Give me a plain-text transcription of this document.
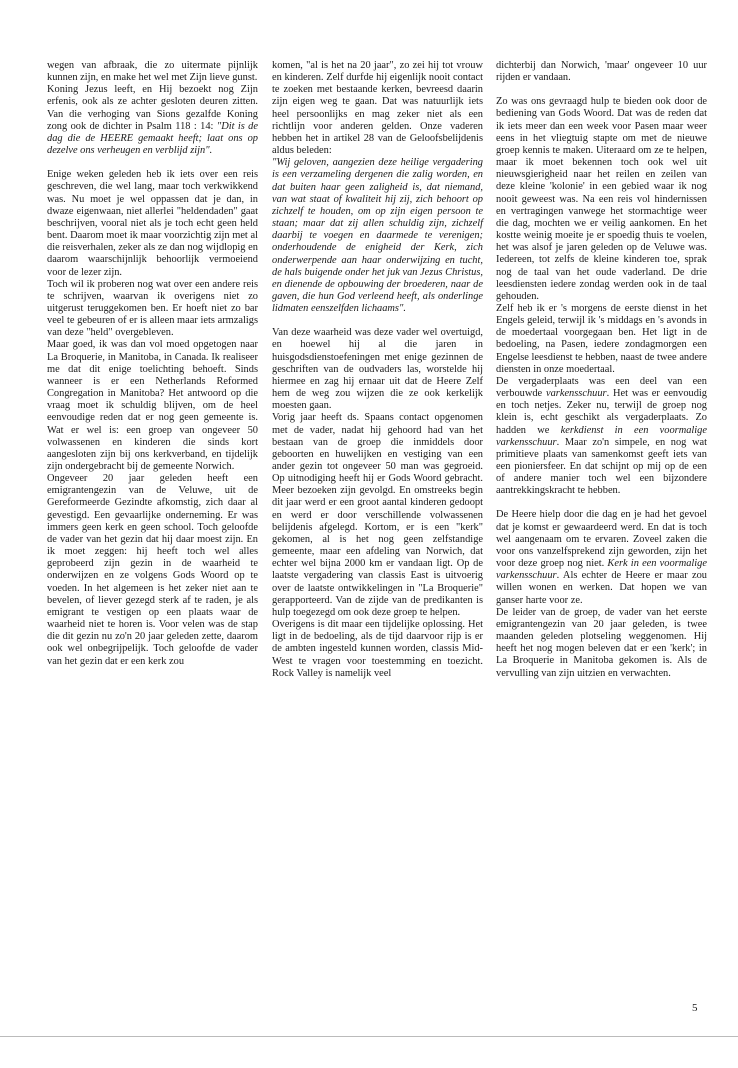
wegen van afbraak, die zo uitermate pijnlijk kunnen zijn, en make het wel met Zijn lieve gunst.

Koning Jezus leeft, en Hij bezoekt nog Zijn erfenis, ook als ze achter gesloten deuren zitten. Van die verhoging van Sions gezalfde Koning zong ook de dichter in Psalm 118 : 14: "Dit is de dag die de HEERE gemaakt heeft; laat ons op dezelve ons verheugen en verblijd zijn".

Enige weken geleden heb ik iets over een reis geschreven, die wel lang, maar toch verkwikkend was. Nu moet je wel oppassen dat je dan, in dwaze eigenwaan, niet allerlei "heldendaden" gaat beschrijven, vooral niet als je toch echt geen held bent. Daarom moet ik maar voorzichtig zijn met al die reisverhalen, zeker als ze dan nog wijdlopig en daarom waarschijnlijk behoorlijk vermoeiend voor de lezer zijn.

Toch wil ik proberen nog wat over een andere reis te schrijven, waarvan ik overigens niet zo uitgerust teruggekomen ben. Er hoeft niet zo bar veel te gebeuren of er is alleen maar iets armzaligs van deze "held" overgebleven.

Maar goed, ik was dan vol moed opgetogen naar La Broquerie, in Manitoba, in Canada. Ik realiseer me dat dit enige toelichting behoeft. Sinds wanneer is er een Netherlands Reformed Congregation in Manitoba? Het antwoord op die vraag moet ik schuldig blijven, om de heel eenvoudige reden dat er nog geen gemeente is. Wat er wel is: een groep van ongeveer 50 volwassenen en kinderen die sinds kort aangesloten zijn bij ons kerkverband, en tijdelijk zijn ondergebracht bij de gemeente Norwich.

Ongeveer 20 jaar geleden heeft een emigrantengezin van de Veluwe, uit de Gereformeerde Gezindte afkomstig, zich daar al gevestigd. Een gevaarlijke onderneming. Er was immers geen kerk en geen school. Toch geloofde de vader van het gezin dat hij daar moest zijn. En ik moet zeggen: hij heeft toch wel alles geprobeerd zijn gezin in de waarheid te onderwijzen en ze volgens Gods Woord op te voeden. In het algemeen is het zeker niet aan te bevelen, of liever gezegd sterk af te raden, je als emigrant te vestigen op een plaats waar de waarheid niet te horen is. Voor velen was de stap die dit gezin nu zo'n 20 jaar geleden zette, daarom ook wel onbegrijpelijk. Toch geloofde de vader van het gezin dat er een kerk zou

komen, "al is het na 20 jaar", zo zei hij tot vrouw en kinderen. Zelf durfde hij eigenlijk nooit contact te zoeken met bestaande kerken, bevreesd daarin zijn eigen weg te gaan. Dat was natuurlijk iets heel persoonlijks en mag zeker niet als een richtlijn voor anderen gelden. Onze vaderen hebben het in artikel 28 van de Geloofsbelijdenis aldus beleden:

"Wij geloven, aangezien deze heilige vergadering is een verzameling dergenen die zalig worden, en dat buiten haar geen zaligheid is, dat niemand, van wat staat of kwaliteit hij zij, zich behoort op zichzelf te houden, om op zijn eigen persoon te staan; maar dat zij allen schuldig zijn, zichzelf daarbij te voegen en daarmede te verenigen; onderhoudende de enigheid der Kerk, zich onderwerpende aan haar onderwijzing en tucht, de hals buigende onder het juk van Jezus Christus, en dienende de opbouwing der broederen, naar de gaven, die hun God verleend heeft, als onderlinge lidmaten eenszelfden lichaams".

Van deze waarheid was deze vader wel overtuigd, en hoewel hij al die jaren in huisgodsdienstoefeningen met enige gezinnen de geschriften van de oudvaders las, worstelde hij hiermee en zag hij ernaar uit dat de Heere Zelf hem de weg zou wijzen die ze ook kerkelijk moesten gaan.

Vorig jaar heeft ds. Spaans contact opgenomen met de vader, nadat hij gehoord had van het bestaan van de groep die inmiddels door geboorten en huwelijken en vestiging van een ander gezin tot ongeveer 50 man was gegroeid. Op uitnodiging heeft hij er Gods Woord gebracht. Meer bezoeken zijn gevolgd. En omstreeks begin dit jaar werd er een groot aantal kinderen gedoopt en werd er door verschillende volwassenen belijdenis afgelegd. Kortom, er is een "kerk" gekomen, al is het nog geen zelfstandige gemeente, maar een afdeling van Norwich, dat echter wel bijna 2000 km er vandaan ligt. Op de laatste vergadering van classis East is uitvoerig over de laatste ontwikkelingen in "La Broquerie" gerapporteerd. Van de zijde van de predikanten is hulp toegezegd om ook deze groep te helpen.

Overigens is dit maar een tijdelijke oplossing. Het ligt in de bedoeling, als de tijd daarvoor rijp is er de ambten ingesteld kunnen worden, classis Mid-West te vragen voor toestemming en toezicht. Rock Valley is namelijk veel

dichterbij dan Norwich, 'maar' ongeveer 10 uur rijden er vandaan.

Zo was ons gevraagd hulp te bieden ook door de bediening van Gods Woord. Dat was de reden dat ik iets meer dan een week voor Pasen maar weer eens in het vliegtuig stapte om met de nieuwe groep kennis te maken. Uiteraard om ze te helpen, maar ik moet bekennen toch ook wel uit nieuwsgierigheid naar het reilen en zeilen van deze kleine 'kolonie' in een gebied waar ik nog nooit geweest was. Na een reis vol hindernissen en vertragingen vanwege het stormachtige weer die dag, mochten we er veilig aankomen. En het kostte weinig moeite je er spoedig thuis te voelen, het was alsof je jaren geleden op de Veluwe was. Iedereen, tot zelfs de kleine kinderen toe, sprak nog de taal van het oude vaderland. De drie leesdiensten iedere zondag werden ook in de taal gehouden.

Zelf heb ik er 's morgens de eerste dienst in het Engels geleid, terwijl ik 's middags en 's avonds in de moedertaal voorgegaan ben. Het ligt in de bedoeling, na Pasen, iedere zondagmorgen een Engelse leesdienst te hebben, naast de twee andere diensten in onze moedertaal.

De vergaderplaats was een deel van een verbouwde varkensschuur. Het was er eenvoudig en toch netjes. Zeker nu, terwijl de groep nog klein is, echt geschikt als vergaderplaats. Zo hadden we kerkdienst in een voormalige varkensschuur. Maar zo'n simpele, en nog wat primitieve plaats van samenkomst geeft iets van een pioniersfeer. En dat schijnt op mij op de een of andere manier toch wel een bijzondere aantrekkingskracht te hebben.

De Heere hielp door die dag en je had het gevoel dat je komst er gewaardeerd werd. En dat is toch wel aangenaam om te ervaren. Zoveel zaken die voor ons vanzelfsprekend zijn geworden, zijn het voor deze groep nog niet. Kerk in een voormalige varkensschuur. Als echter de Heere er maar zou willen wonen en werken. Dat hopen we van ganser harte voor ze.

De leider van de groep, de vader van het eerste emigrantengezin van 20 jaar geleden, is twee maanden geleden plotseling weggenomen. Hij heeft het nog mogen beleven dat er een 'kerk'; in La Broquerie in Manitoba gekomen is. Als de vervulling van zijn uitzien en verwachten.

5
